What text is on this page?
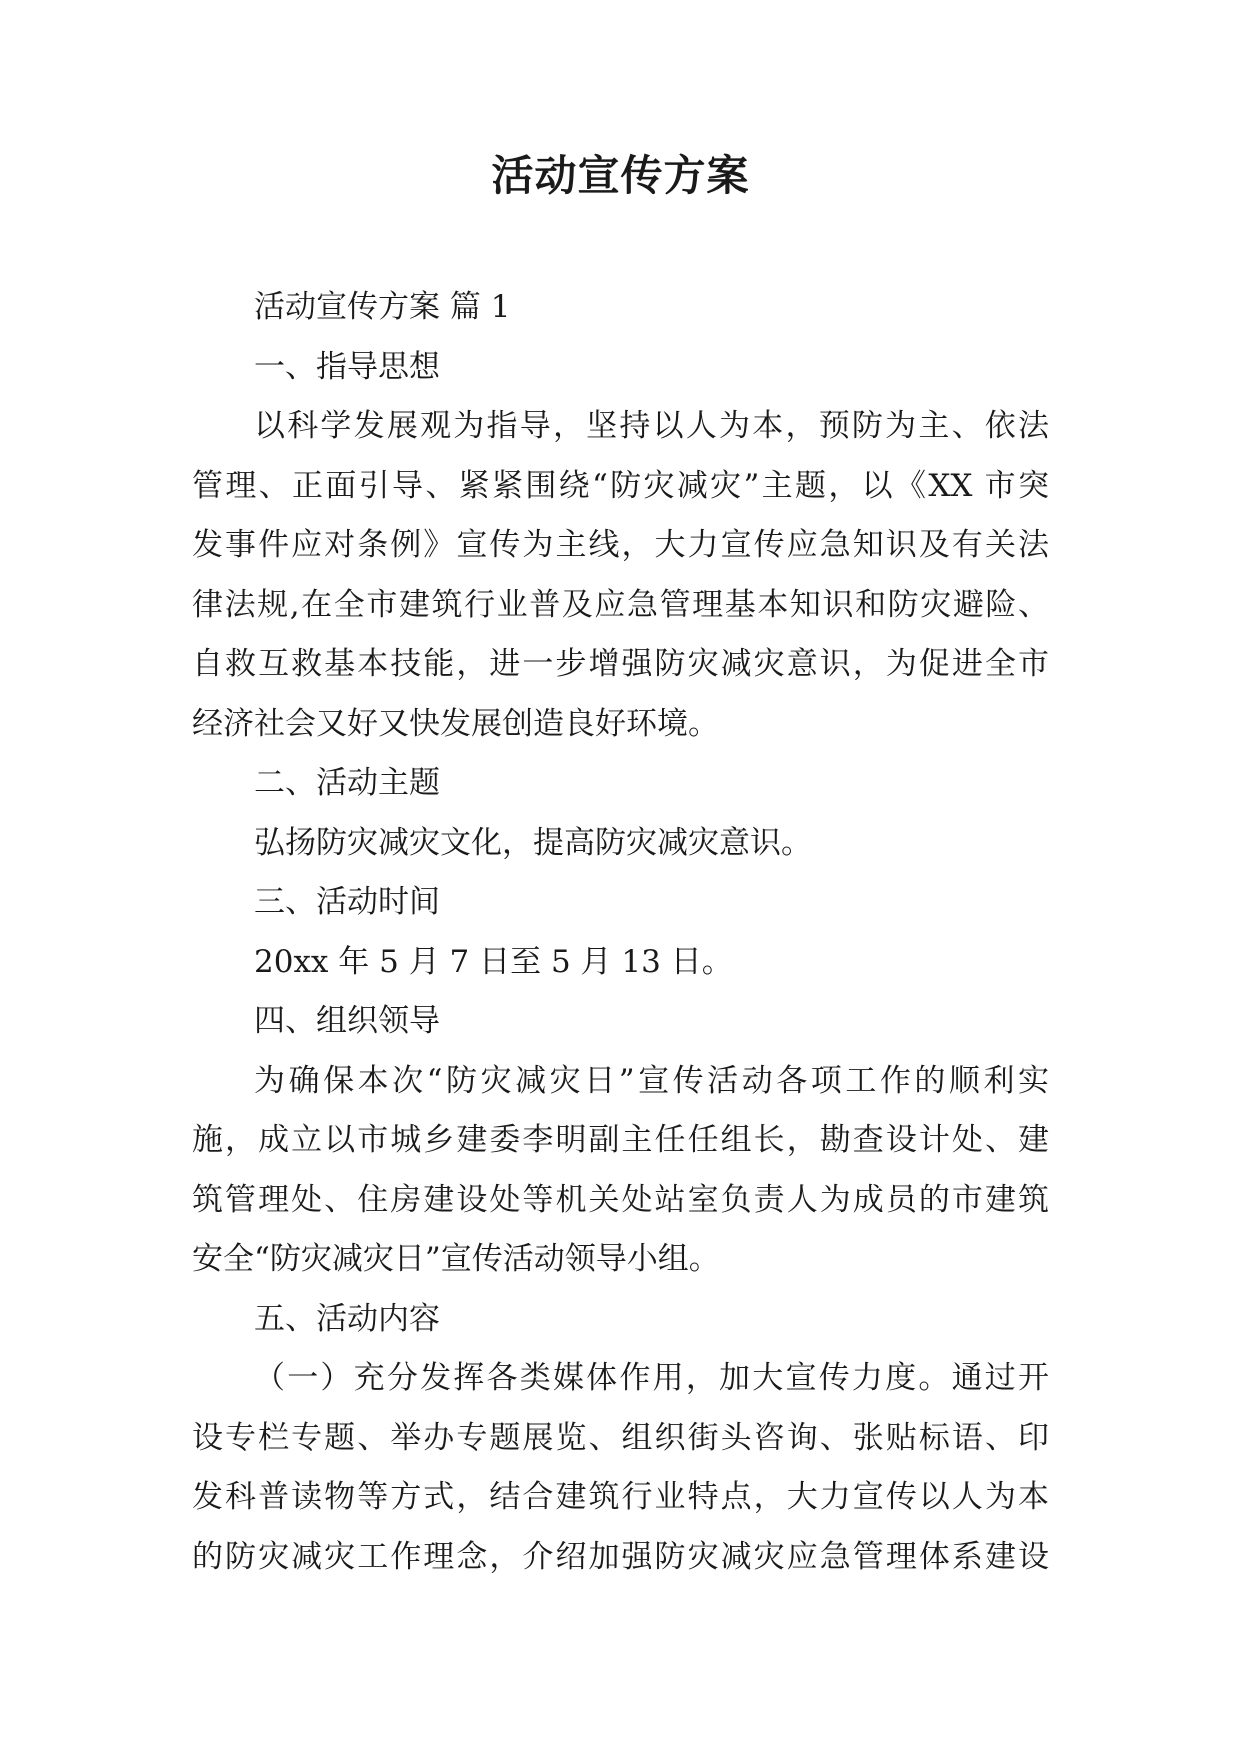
活动宣传方案
活动宣传方案 篇 1
一、指导思想
以科学发展观为指导，坚持以人为本，预防为主、依法
管理、正面引导、紧紧围绕“防灾减灾”主题，以《XX 市突
发事件应对条例》宣传为主线，大力宣传应急知识及有关法
律法规,在全市建筑行业普及应急管理基本知识和防灾避险、
自救互救基本技能，进一步增强防灾减灾意识，为促进全市
经济社会又好又快发展创造良好环境。
二、活动主题
弘扬防灾减灾文化，提高防灾减灾意识。
三、活动时间
20xx 年 5 月 7 日至 5 月 13 日。
四、组织领导
为确保本次“防灾减灾日”宣传活动各项工作的顺利实
施，成立以市城乡建委李明副主任任组长，勘查设计处、建
筑管理处、住房建设处等机关处站室负责人为成员的市建筑
安全“防灾减灾日”宣传活动领导小组。
五、活动内容
（一）充分发挥各类媒体作用，加大宣传力度。通过开
设专栏专题、举办专题展览、组织街头咨询、张贴标语、印
发科普读物等方式，结合建筑行业特点，大力宣传以人为本
的防灾减灾工作理念，介绍加强防灾减灾应急管理体系建设
